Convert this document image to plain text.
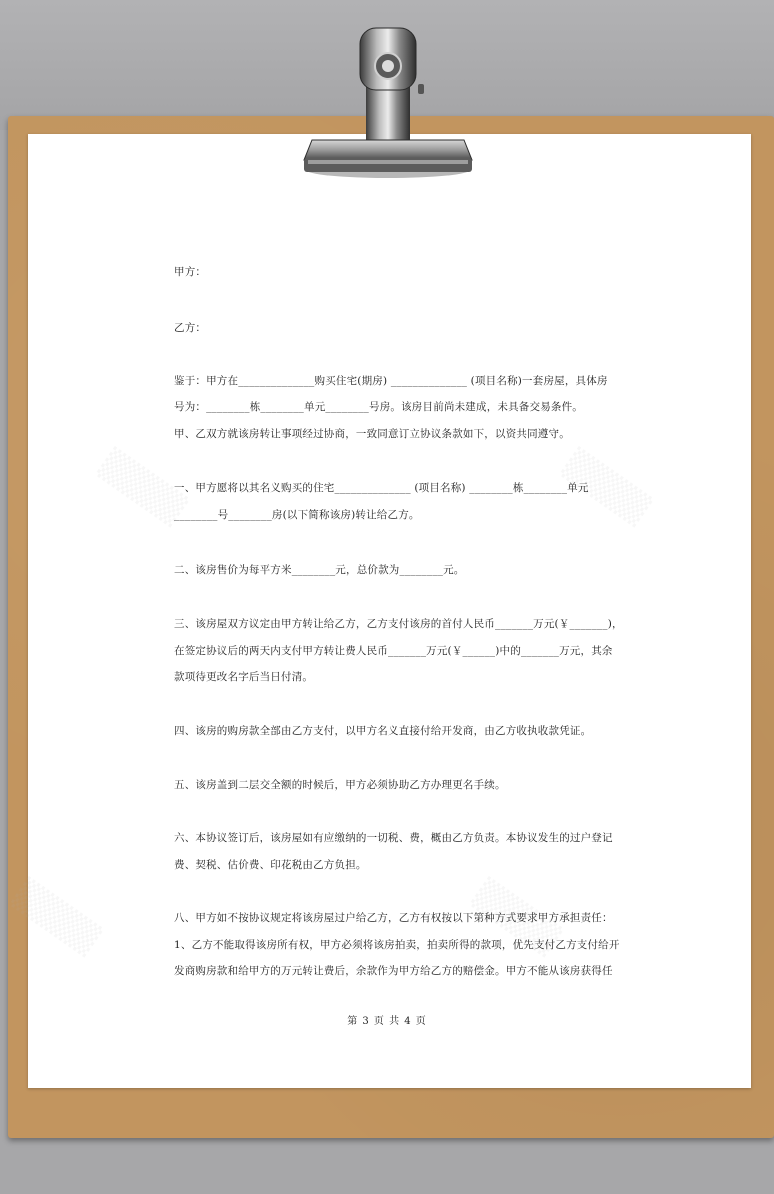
▒▒▒▒	▒▒▒▒
▒▒▒▒	▒▒▒▒
甲方：
乙方：
鉴于：甲方在______________购买住宅(期房) ______________ (项目名称)一套房屋，具体房
号为：________栋________单元________号房。该房目前尚未建成，未具备交易条件。
甲、乙双方就该房转让事项经过协商，一致同意订立协议条款如下，以资共同遵守。
一、甲方愿将以其名义购买的住宅______________ (项目名称) ________栋________单元
________号________房(以下简称该房)转让给乙方。
二、该房售价为每平方米________元，总价款为________元。
三、该房屋双方议定由甲方转让给乙方，乙方支付该房的首付人民币_______万元(￥_______)，
在签定协议后的两天内支付甲方转让费人民币_______万元(￥______)中的_______万元，其余
款项待更改名字后当日付清。
四、该房的购房款全部由乙方支付，以甲方名义直接付给开发商，由乙方收执收款凭证。
五、该房盖到二层交全额的时候后，甲方必须协助乙方办理更名手续。
六、本协议签订后，该房屋如有应缴纳的一切税、费，概由乙方负责。本协议发生的过户登记
费、契税、估价费、印花税由乙方负担。
八、甲方如不按协议规定将该房屋过户给乙方，乙方有权按以下第种方式要求甲方承担责任：
1、乙方不能取得该房所有权，甲方必须将该房拍卖，拍卖所得的款项，优先支付乙方支付给开
发商购房款和给甲方的万元转让费后，余款作为甲方给乙方的赔偿金。甲方不能从该房获得任
第 3 页 共 4 页
